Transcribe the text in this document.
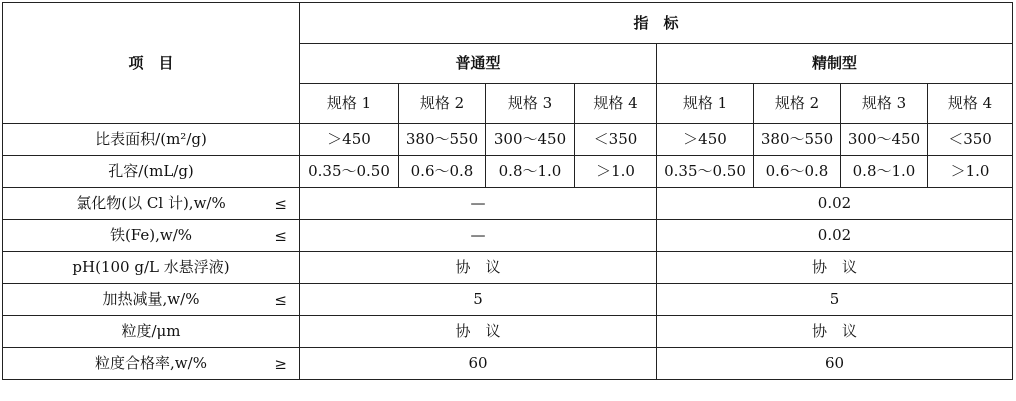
项　目	指　标							
	普通型				精制型			
	规格 1	规格 2	规格 3	规格 4	规格 1	规格 2	规格 3	规格 4
比表面积/(m²/g)	＞450	380～550	300～450	＜350	＞450	380～550	300～450	＜350
孔容/(mL/g)	0.35～0.50	0.6～0.8	0.8～1.0	＞1.0	0.35～0.50	0.6～0.8	0.8～1.0	＞1.0
氯化物(以 Cl 计),w/% ≤	—				0.02			
铁(Fe),w/% ≤	—				0.02			
pH(100 g/L 水悬浮液)	协　议				协　议			
加热减量,w/% ≤	5				5			
粒度/μm	协　议				协　议			
粒度合格率,w/% ≥	60				60			
